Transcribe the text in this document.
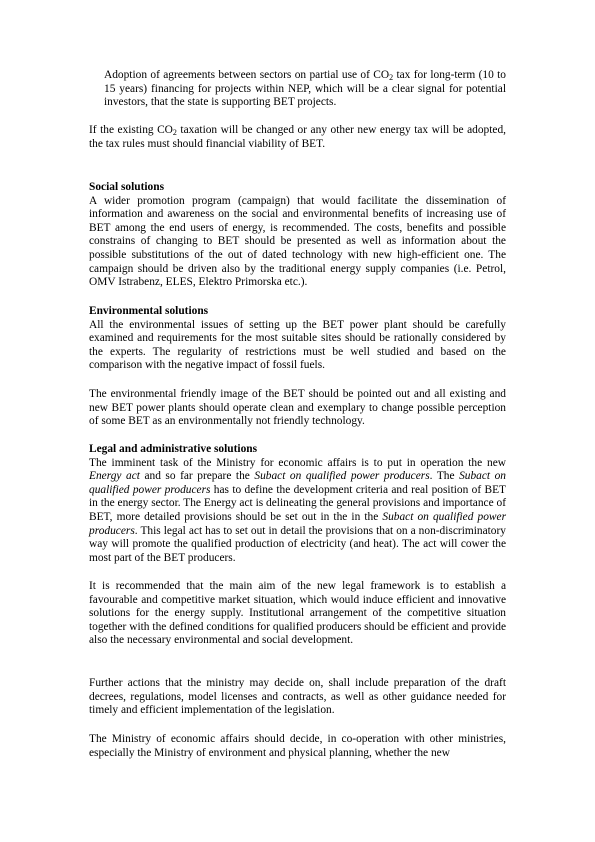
Adoption of agreements between sectors on partial use of $CO_2$ tax for long-term (10 to 15 years) financing for projects within NEP, which will be a clear signal for potential investors, that the state is supporting BET projects.

If the existing $CO_2$ taxation will be changed or any other new energy tax will be adopted, the tax rules must should financial viability of BET.

Social solutions
A wider promotion program (campaign) that would facilitate the dissemination of information and awareness on the social and environmental benefits of increasing use of BET among the end users of energy, is recommended. The costs, benefits and possible constrains of changing to BET should be presented as well as information about the possible substitutions of the out of dated technology with new high-efficient one. The campaign should be driven also by the traditional energy supply companies (i.e. Petrol, OMV Istrabenz, ELES, Elektro Primorska etc.).
Environmental solutions
All the environmental issues of setting up the BET power plant should be carefully examined and requirements for the most suitable sites should be rationally considered by the experts. The regularity of restrictions must be well studied and based on the comparison with the negative impact of fossil fuels.

The environmental friendly image of the BET should be pointed out and all existing and new BET power plants should operate clean and exemplary to change possible perception of some BET as an environmentally not friendly technology.

Legal and administrative solutions
The imminent task of the Ministry for economic affairs is to put in operation the new Energy act and so far prepare the Subact on qualified power producers. The Subact on qualified power producers has to define the development criteria and real position of BET in the energy sector. The Energy act is delineating the general provisions and importance of BET, more detailed provisions should be set out in the in the Subact on qualified power producers. This legal act has to set out in detail the provisions that on a non-discriminatory way will promote the qualified production of electricity (and heat). The act will cower the most part of the BET producers.

It is recommended that the main aim of the new legal framework is to establish a favourable and competitive market situation, which would induce efficient and innovative solutions for the energy supply. Institutional arrangement of the competitive situation together with the defined conditions for qualified producers should be efficient and provide also the necessary environmental and social development.

Further actions that the ministry may decide on, shall include preparation of the draft decrees, regulations, model licenses and contracts, as well as other guidance needed for timely and efficient implementation of the legislation.

The Ministry of economic affairs should decide, in co-operation with other ministries, especially the Ministry of environment and physical planning, whether the new
